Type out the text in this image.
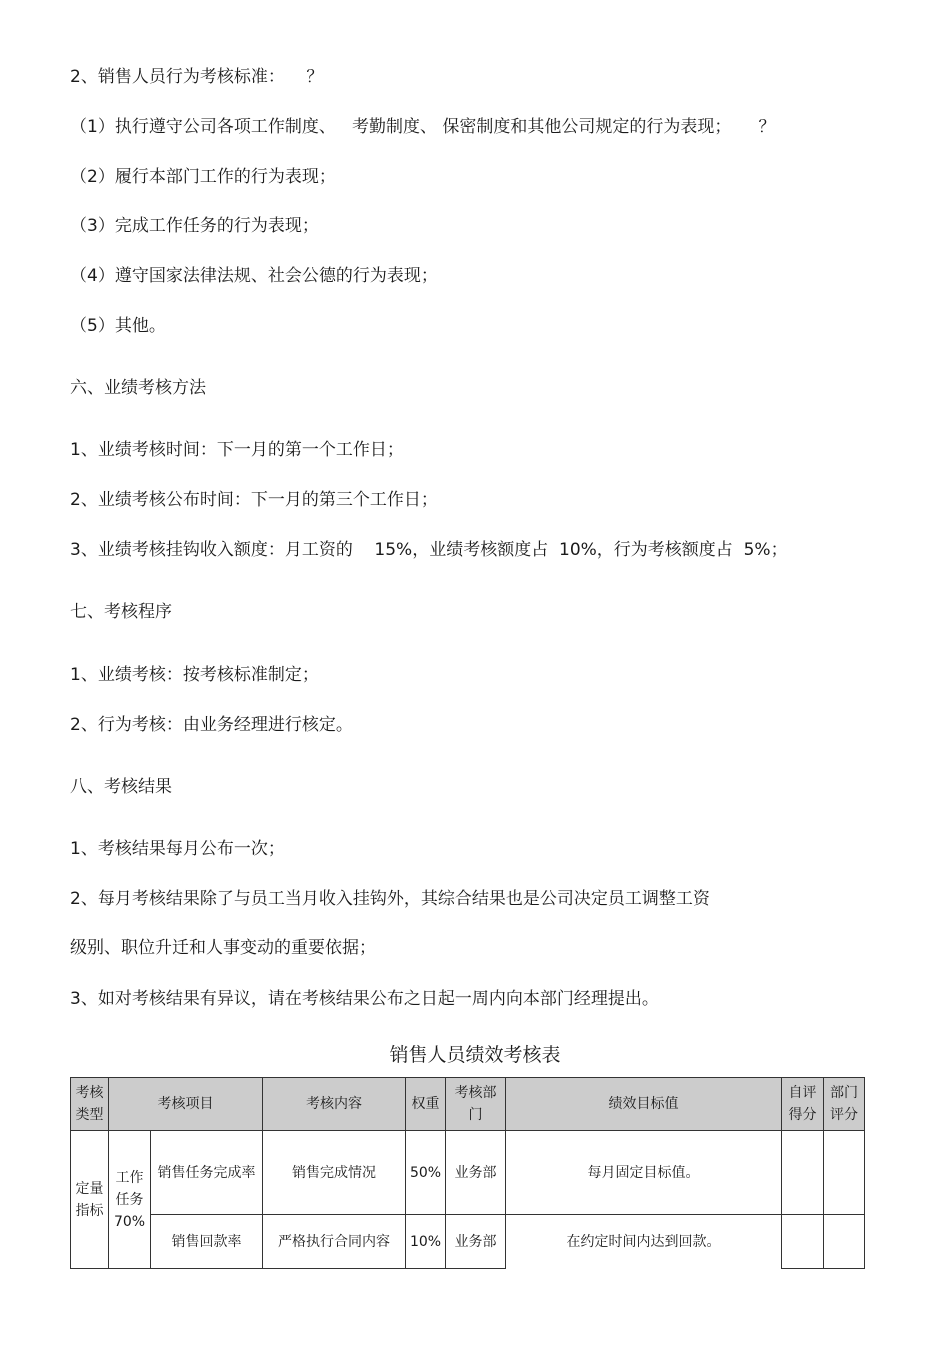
2、销售人员行为考核标准：    ？
（1）执行遵守公司各项工作制度、   考勤制度、 保密制度和其他公司规定的行为表现；     ？
（2）履行本部门工作的行为表现；
（3）完成工作任务的行为表现；
（4）遵守国家法律法规、社会公德的行为表现；
（5）其他。
六、业绩考核方法
1、业绩考核时间：下一月的第一个工作日；
2、业绩考核公布时间：下一月的第三个工作日；
3、业绩考核挂钩收入额度：月工资的    15%，业绩考核额度占  10%，行为考核额度占  5%；
七、考核程序
1、业绩考核：按考核标准制定；
2、行为考核：由业务经理进行核定。
八、考核结果
1、考核结果每月公布一次；
2、每月考核结果除了与员工当月收入挂钩外，其综合结果也是公司决定员工调整工资
级别、职位升迁和人事变动的重要依据；
3、如对考核结果有异议，请在考核结果公布之日起一周内向本部门经理提出。
销售人员绩效考核表
考核类型	考核项目		考核内容	权重	考核部门	绩效目标值	自评得分	部门评分
定量指标	工作任务70%	销售任务完成率	销售完成情况	50%	业务部	每月固定目标值。		
		销售回款率	严格执行合同内容	10%	业务部	在约定时间内达到回款。		
